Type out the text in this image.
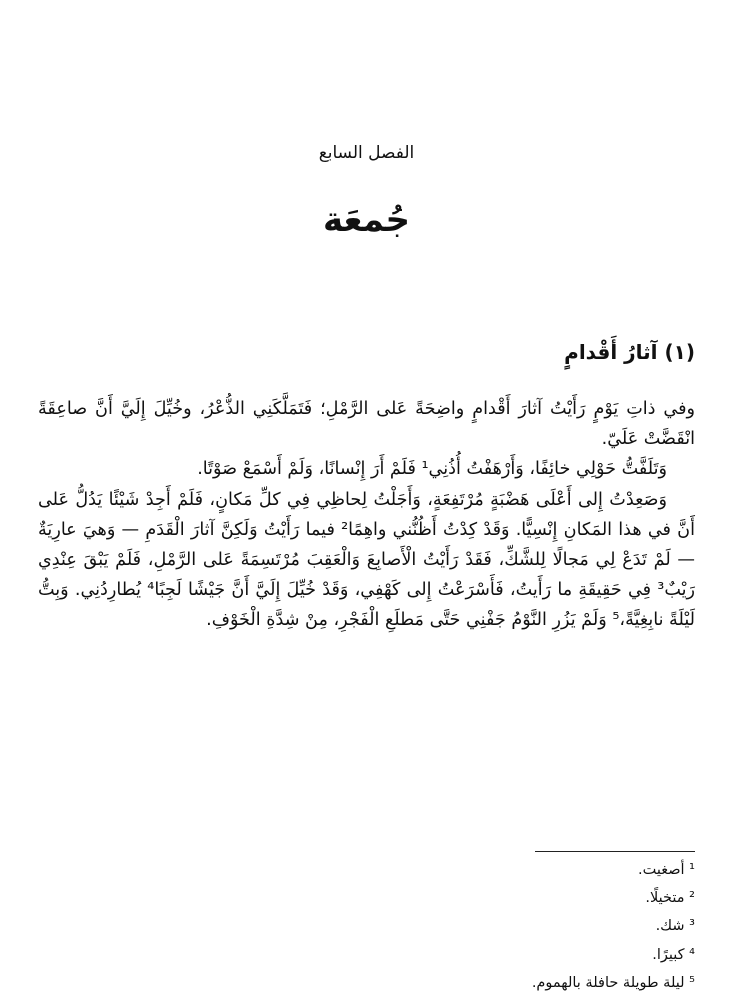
الفصل السابع
جُمعَة
(١) آثارُ أَقْدامٍ

وفي ذاتِ يَوْمٍ رَأَيْتُ آثارَ أَقْدامٍ واضِحَةً عَلى الرَّمْلِ؛ فَتَمَلَّكَنِي الذُّعْرُ، وخُيِّلَ إِلَيَّ أَنَّ صاعِقَةً انْقَضَّتْ عَلَيّ.

وَتَلَفَّتُّ حَوْلِي خائِفًا، وَأَرْهَفْتُ أُذُنِي¹ فَلَمْ أَرَ إِنْسانًا، وَلَمْ أَسْمَعْ صَوْتًا.

وَصَعِدْتُ إِلى أَعْلَى هَضْبَةٍ مُرْتَفِعَةٍ، وَأَجَلْتُ لِحاظِي فِي كلِّ مَكانٍ، فَلَمْ أَجِدْ شَيْئًا يَدُلُّ عَلى أَنَّ في هذا المَكانِ إِنْسِيًّا. وَقَدْ كِدْتُ أَظُنُّني واهِمًا² فيما رَأَيْتُ وَلَكِنَّ آثارَ الْقَدَمِ — وَهيَ عارِيَةٌ — لَمْ تَدَعْ لِي مَجالًا لِلشَّكِّ، فَقَدْ رَأَيْتُ الْأَصابِعَ وَالْعَقِبَ مُرْتَسِمَةً عَلى الرَّمْلِ، فَلَمْ يَبْقَ عِنْدِي رَيْبٌ³ فِي حَقِيقَةِ ما رَأَيتُ، فَأَسْرَعْتُ إِلى كَهْفِي، وَقَدْ خُيِّلَ إِلَيَّ أَنَّ جَيْشًا لَجِبًا⁴ يُطارِدُنِي. وَبِتُّ لَيْلَةً نابِغِيَّةً،⁵ وَلَمْ يَزُرِ النَّوْمُ جَفْنِي حَتَّى مَطلَعِ الْفَجْرِ، مِنْ شِدَّةِ الْخَوْفِ.

¹ أصغيت.
² متخيلًا.
³ شك.
⁴ كبيرًا.
⁵ ليلة طويلة حافلة بالهموم.
